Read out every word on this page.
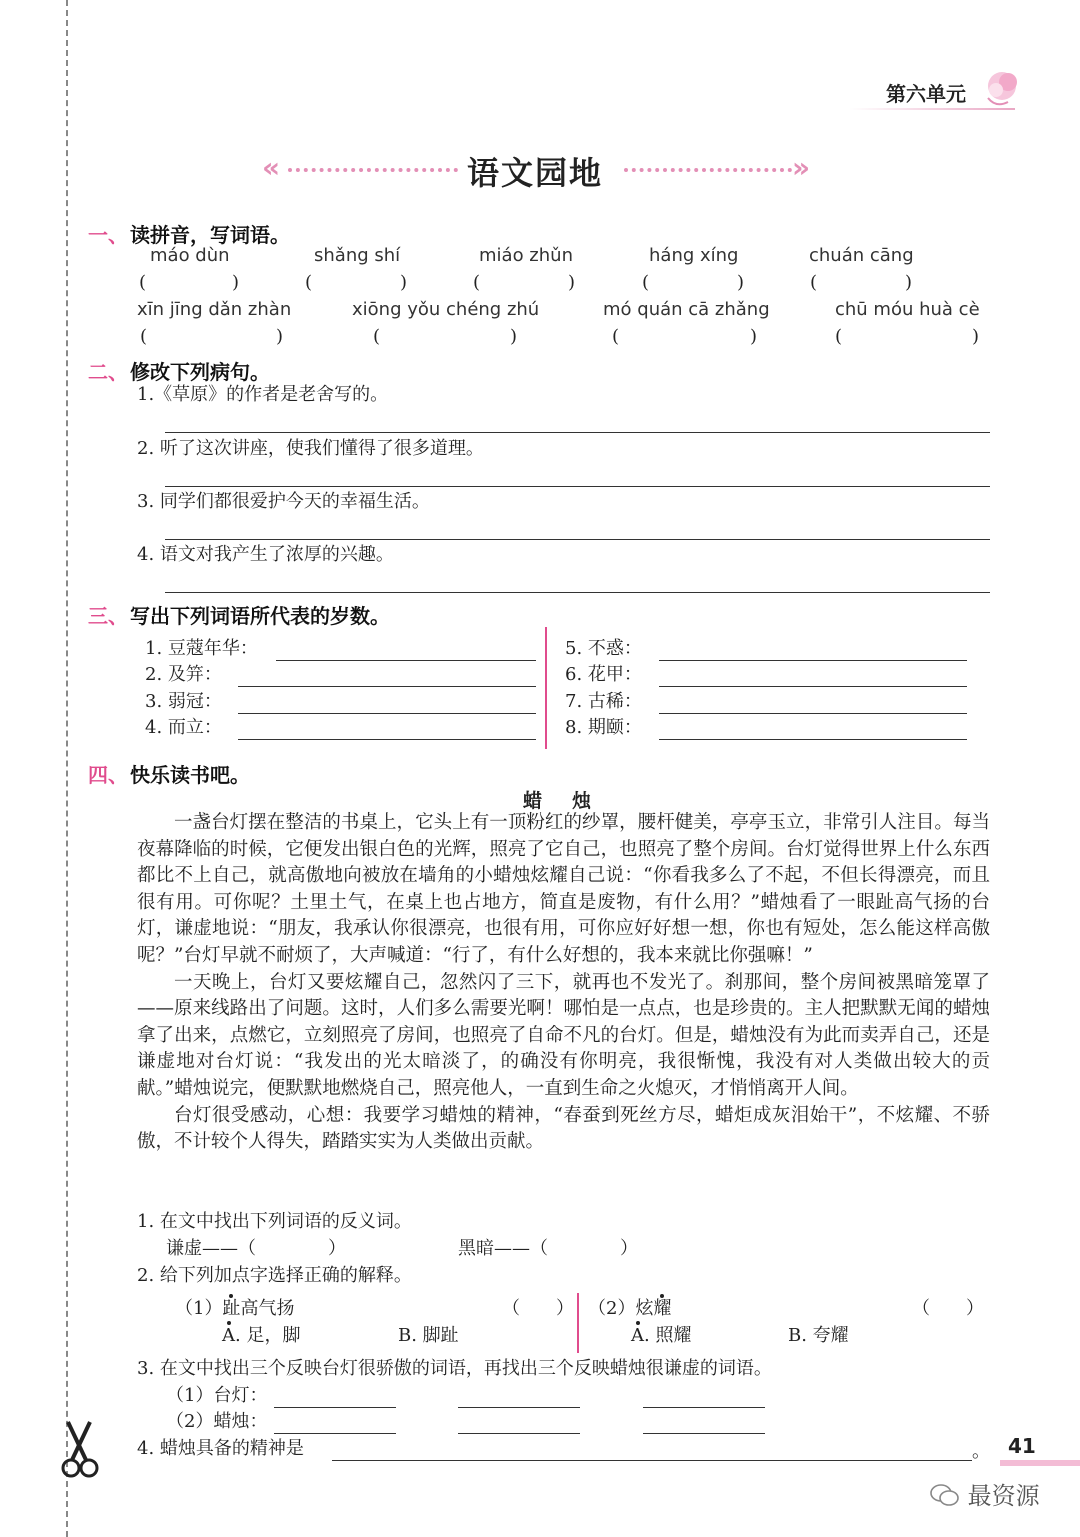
第六单元
«	语文园地	»
一、 读拼音，写词语。
máo dùn	shǎng shí	miáo zhǔn	háng xíng	chuán cāng
(	)	(	)	(	)	(	)	(	)
xīn jīng dǎn zhàn	xiōng yǒu chéng zhú	mó quán cā zhǎng	chū móu huà cè
(	)	(	)	(	)	(	)
二、 修改下列病句。
1.《草原》的作者是老舍写的。
2. 听了这次讲座，使我们懂得了很多道理。
3. 同学们都很爱护今天的幸福生活。
4. 语文对我产生了浓厚的兴趣。
三、 写出下列词语所代表的岁数。
1. 豆蔻年华：
2. 及笄：
3. 弱冠：
4. 而立：
5. 不惑：
6. 花甲：
7. 古稀：
8. 期颐：
四、 快乐读书吧。
蜡烛

一盏台灯摆在整洁的书桌上，它头上有一顶粉红的纱罩，腰杆健美，亭亭玉立，非常引人注目。每当夜幕降临的时候，它便发出银白色的光辉，照亮了它自己，也照亮了整个房间。台灯觉得世界上什么东西都比不上自己，就高傲地向被放在墙角的小蜡烛炫耀自己说：“你看我多么了不起，不但长得漂亮，而且很有用。可你呢？土里土气，在桌上也占地方，简直是废物，有什么用？”蜡烛看了一眼趾高气扬的台灯，谦虚地说：“朋友，我承认你很漂亮，也很有用，可你应好好想一想，你也有短处，怎么能这样高傲呢？”台灯早就不耐烦了，大声喊道：“行了，有什么好想的，我本来就比你强嘛！”

一天晚上，台灯又要炫耀自己，忽然闪了三下，就再也不发光了。刹那间，整个房间被黑暗笼罩了——原来线路出了问题。这时，人们多么需要光啊！哪怕是一点点，也是珍贵的。主人把默默无闻的蜡烛拿了出来，点燃它，立刻照亮了房间，也照亮了自命不凡的台灯。但是，蜡烛没有为此而卖弄自己，还是谦虚地对台灯说：“我发出的光太暗淡了，的确没有你明亮，我很惭愧，我没有对人类做出较大的贡献。”蜡烛说完，便默默地燃烧自己，照亮他人，一直到生命之火熄灭，才悄悄离开人间。

台灯很受感动，心想：我要学习蜡烛的精神，“春蚕到死丝方尽，蜡炬成灰泪始干”，不炫耀、不骄傲，不计较个人得失，踏踏实实为人类做出贡献。

1. 在文中找出下列词语的反义词。
谦虚——（　　　　）	黑暗——（　　　　）
2. 给下列加点字选择正确的解释。
（1）趾高气扬	（　　）
A. 足，脚	B. 脚趾
（2）炫耀	（　　）
A. 照耀	B. 夸耀
3. 在文中找出三个反映台灯很骄傲的词语，再找出三个反映蜡烛很谦虚的词语。
（1）台灯：
（2）蜡烛：
4. 蜡烛具备的精神是	。 41
最资源
